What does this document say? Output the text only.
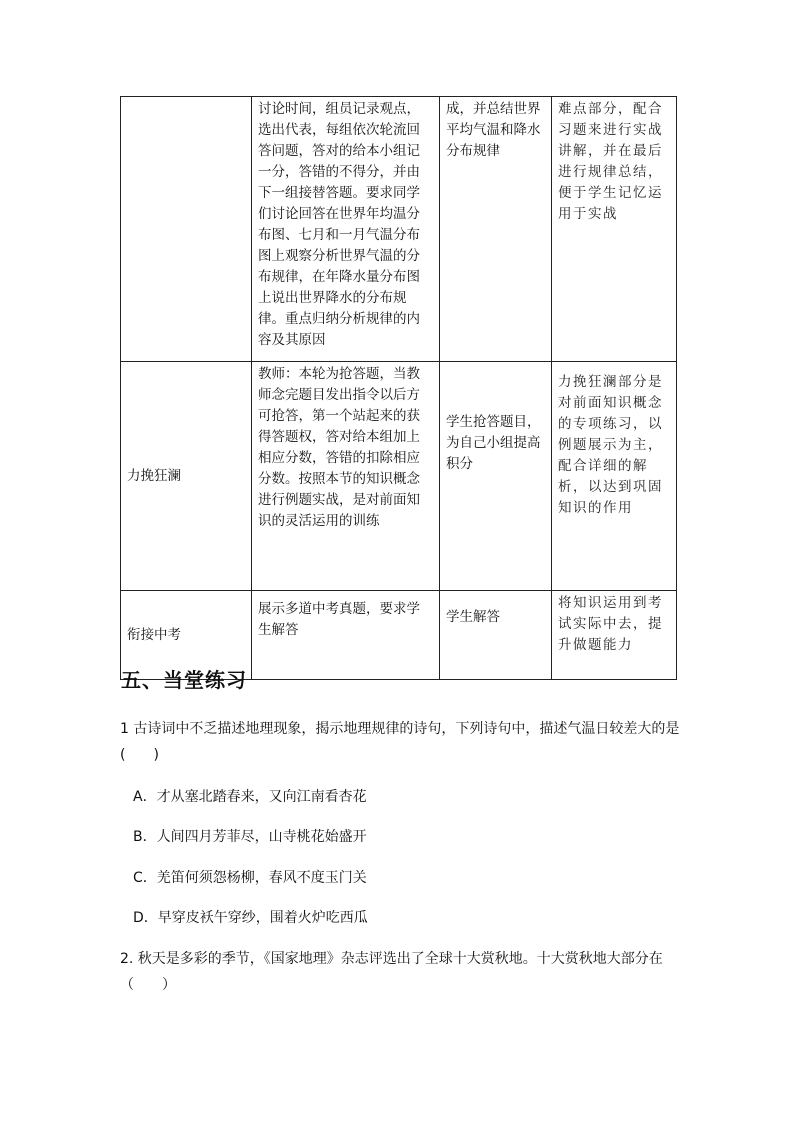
	讨论时间，组员记录观点，选出代表，每组依次轮流回答问题，答对的给本小组记一分，答错的不得分，并由下一组接替答题。要求同学们讨论回答在世界年均温分布图、七月和一月气温分布图上观察分析世界气温的分布规律，在年降水量分布图上说出世界降水的分布规律。重点归纳分析规律的内容及其原因	成，并总结世界平均气温和降水分布规律	难点部分，配合习题来进行实战讲解，并在最后进行规律总结，便于学生记忆运用于实战
力挽狂澜	教师：本轮为抢答题，当教师念完题目发出指令以后方可抢答，第一个站起来的获得答题权，答对给本组加上相应分数，答错的扣除相应分数。按照本节的知识概念进行例题实战，是对前面知识的灵活运用的训练	学生抢答题目，为自己小组提高积分	力挽狂澜部分是对前面知识概念的专项练习，以例题展示为主，配合详细的解析，以达到巩固知识的作用
衔接中考	展示多道中考真题，要求学生解答	学生解答	将知识运用到考试实际中去，提升做题能力
五、当堂练习
1 古诗词中不乏描述地理现象，揭示地理规律的诗句，下列诗句中，描述气温日较差大的是(　　)
A．才从塞北踏春来，又向江南看杏花
B．人间四月芳菲尽，山寺桃花始盛开
C．羌笛何须怨杨柳，春风不度玉门关
D．早穿皮袄午穿纱，围着火炉吃西瓜
2. 秋天是多彩的季节，《国家地理》杂志评选出了全球十大赏秋地。十大赏秋地大部分在（　　）
